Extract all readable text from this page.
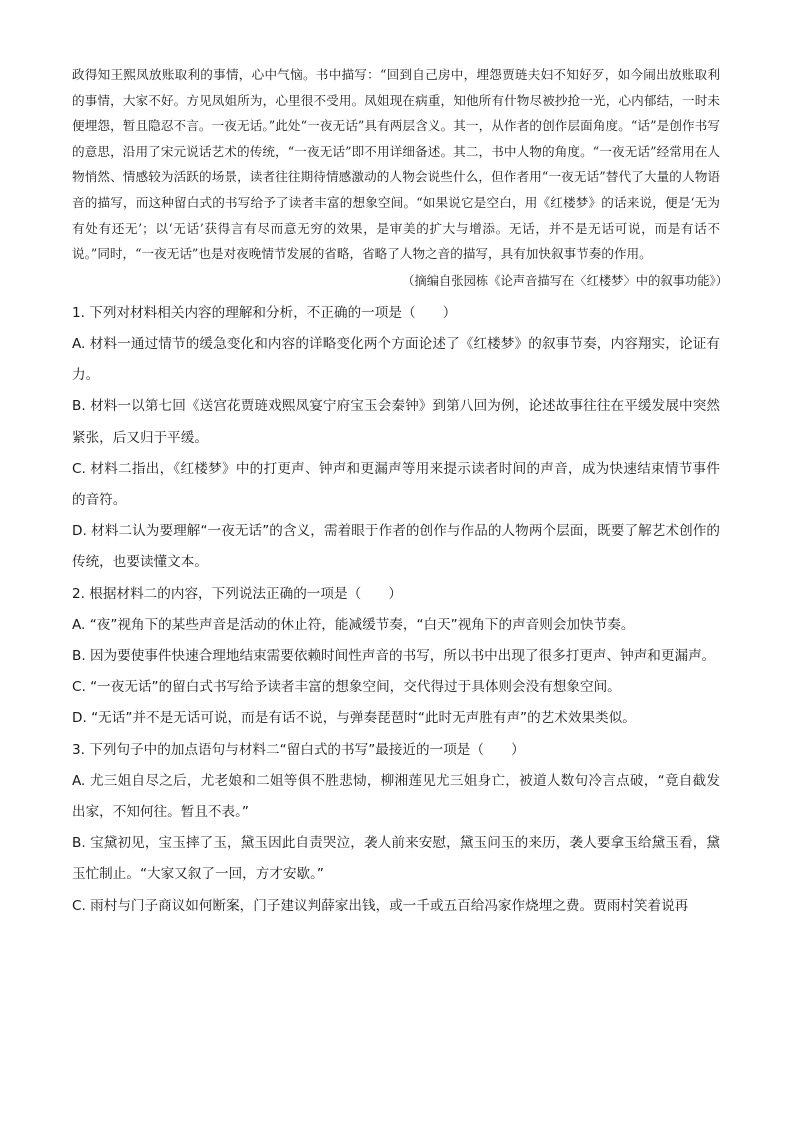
政得知王熙凤放账取利的事情，心中气恼。书中描写：“回到自己房中，埋怨贾琏夫妇不知好歹，如今闹出放账取利的事情，大家不好。方见凤姐所为，心里很不受用。凤姐现在病重，知他所有什物尽被抄抢一光，心内郁结，一时未便埋怨，暂且隐忍不言。一夜无话。”此处“一夜无话”具有两层含义。其一，从作者的创作层面角度。“话”是创作书写的意思，沿用了宋元说话艺术的传统，“一夜无话”即不用详细备述。其二，书中人物的角度。“一夜无话”经常用在人物悄然、情感较为活跃的场景，读者往往期待情感激动的人物会说些什么，但作者用“一夜无话”替代了大量的人物语音的描写，而这种留白式的书写给予了读者丰富的想象空间。“如果说它是空白，用《红楼梦》的话来说，便是‘无为有处有还无’；以‘无话’获得言有尽而意无穷的效果，是审美的扩大与增添。无话，并不是无话可说，而是有话不说。”同时，“一夜无话”也是对夜晚情节发展的省略，省略了人物之音的描写，具有加快叙事节奏的作用。

（摘编自张园栋《论声音描写在〈红楼梦〉中的叙事功能》）

1. 下列对材料相关内容的理解和分析，不正确的一项是（　　）

A. 材料一通过情节的缓急变化和内容的详略变化两个方面论述了《红楼梦》的叙事节奏，内容翔实，论证有力。

B. 材料一以第七回《送宫花贾琏戏熙凤宴宁府宝玉会秦钟》到第八回为例，论述故事往往在平缓发展中突然紧张，后又归于平缓。

C. 材料二指出，《红楼梦》中的打更声、钟声和更漏声等用来提示读者时间的声音，成为快速结束情节事件的音符。

D. 材料二认为要理解“一夜无话”的含义，需着眼于作者的创作与作品的人物两个层面，既要了解艺术创作的传统，也要读懂文本。

2. 根据材料二的内容，下列说法正确的一项是（　　）

A. “夜”视角下的某些声音是活动的休止符，能减缓节奏，“白天”视角下的声音则会加快节奏。

B. 因为要使事件快速合理地结束需要依赖时间性声音的书写，所以书中出现了很多打更声、钟声和更漏声。

C. “一夜无话”的留白式书写给予读者丰富的想象空间，交代得过于具体则会没有想象空间。

D. “无话”并不是无话可说，而是有话不说，与弹奏琵琶时“此时无声胜有声”的艺术效果类似。

3. 下列句子中的加点语句与材料二“留白式的书写”最接近的一项是（　　）

A. 尤三姐自尽之后，尤老娘和二姐等俱不胜悲恸，柳湘莲见尤三姐身亡，被道人数句冷言点破，“竟自截发出家，不知何往。暂且不表。”

B. 宝黛初见，宝玉摔了玉，黛玉因此自责哭泣，袭人前来安慰，黛玉问玉的来历，袭人要拿玉给黛玉看，黛玉忙制止。“大家又叙了一回，方才安歇。”

C. 雨村与门子商议如何断案，门子建议判薛家出钱，或一千或五百给冯家作烧埋之费。贾雨村笑着说再
